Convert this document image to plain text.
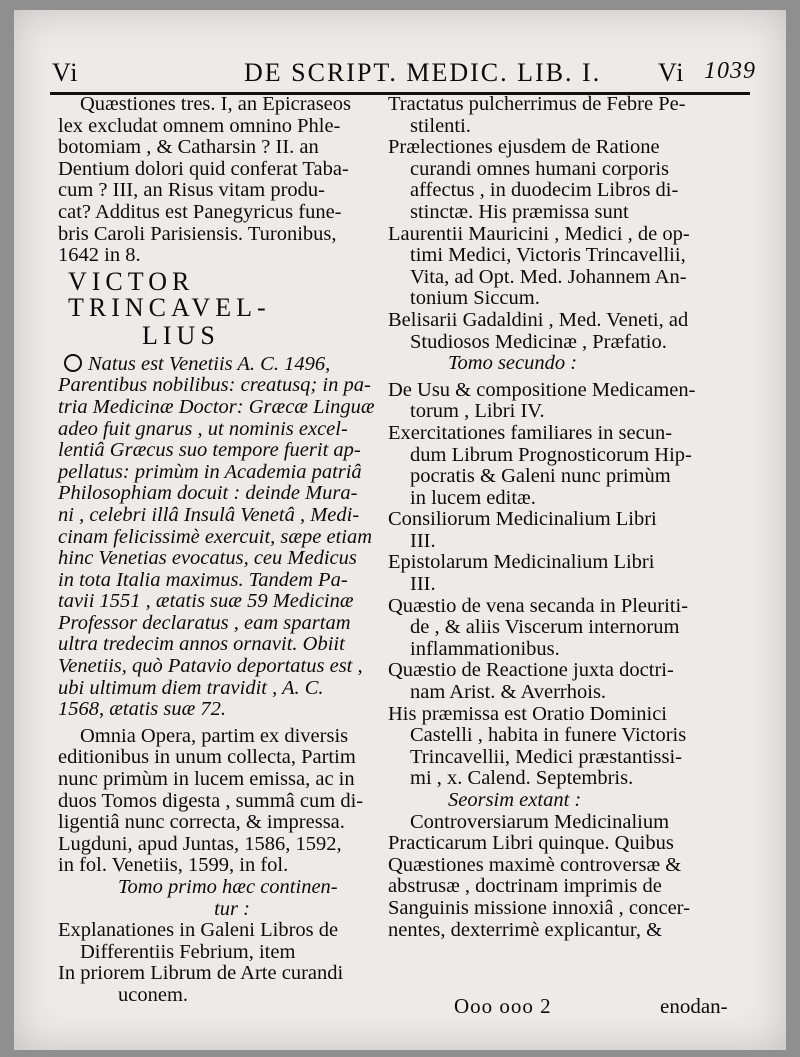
Vi	DE SCRIPT. MEDIC. LIB. I. Vi 1039
Quæstiones tres. I, an Epicraseos
lex excludat omnem omnino Phle-
botomiam , & Catharsin ? II. an
Dentium dolori quid conferat Taba-
cum ? III, an Risus vitam produ-
cat? Additus est Panegyricus fune-
bris Caroli Parisiensis. Turonibus,
1642 in 8.
VICTOR TRINCAVEL-
LIUS
Natus est Venetiis A. C. 1496,
Parentibus nobilibus: creatusq; in pa-
tria Medicinæ Doctor: Græcæ Linguæ
adeo fuit gnarus , ut nominis excel-
lentiâ Græcus suo tempore fuerit ap-
pellatus: primùm in Academia patriâ
Philosophiam docuit : deinde Mura-
ni , celebri illâ Insulâ Venetâ , Medi-
cinam felicissimè exercuit, sæpe etiam
hinc Venetias evocatus, ceu Medicus
in tota Italia maximus. Tandem Pa-
tavii 1551 , ætatis suæ 59 Medicinæ
Professor declaratus , eam spartam
ultra tredecim annos ornavit. Obiit
Venetiis, quò Patavio deportatus est ,
ubi ultimum diem travidit , A. C.
1568, ætatis suæ 72.
Omnia Opera, partim ex diversis
editionibus in unum collecta, Partim
nunc primùm in lucem emissa, ac in
duos Tomos digesta , summâ cum di-
ligentiâ nunc correcta, & impressa.
Lugduni, apud Juntas, 1586, 1592,
in fol. Venetiis, 1599, in fol.
Tomo primo hæc continen-
tur :
Explanationes in Galeni Libros de
Differentiis Febrium, item
In priorem Librum de Arte curandi
uconem.
Tractatus pulcherrimus de Febre Pe-
stilenti.
Prælectiones ejusdem de Ratione
curandi omnes humani corporis
affectus , in duodecim Libros di-
stinctæ. His præmissa sunt
Laurentii Mauricini , Medici , de op-
timi Medici, Victoris Trincavellii,
Vita, ad Opt. Med. Johannem An-
tonium Siccum.
Belisarii Gadaldini , Med. Veneti, ad
Studiosos Medicinæ , Præfatio.
Tomo secundo :
De Usu & compositione Medicamen-
torum , Libri IV.
Exercitationes familiares in secun-
dum Librum Prognosticorum Hip-
pocratis & Galeni nunc primùm
in lucem editæ.
Consiliorum Medicinalium Libri
III.
Epistolarum Medicinalium Libri
III.
Quæstio de vena secanda in Pleuriti-
de , & aliis Viscerum internorum
inflammationibus.
Quæstio de Reactione juxta doctri-
nam Arist. & Averrhois.
His præmissa est Oratio Dominici
Castelli , habita in funere Victoris
Trincavellii, Medici præstantissi-
mi , x. Calend. Septembris.
Seorsim extant :
Controversiarum Medicinalium
Practicarum Libri quinque. Quibus
Quæstiones maximè controversæ &
abstrusæ , doctrinam imprimis de
Sanguinis missione innoxiâ , concer-
nentes, dexterrimè explicantur, &
Ooo ooo 2	enodan-
